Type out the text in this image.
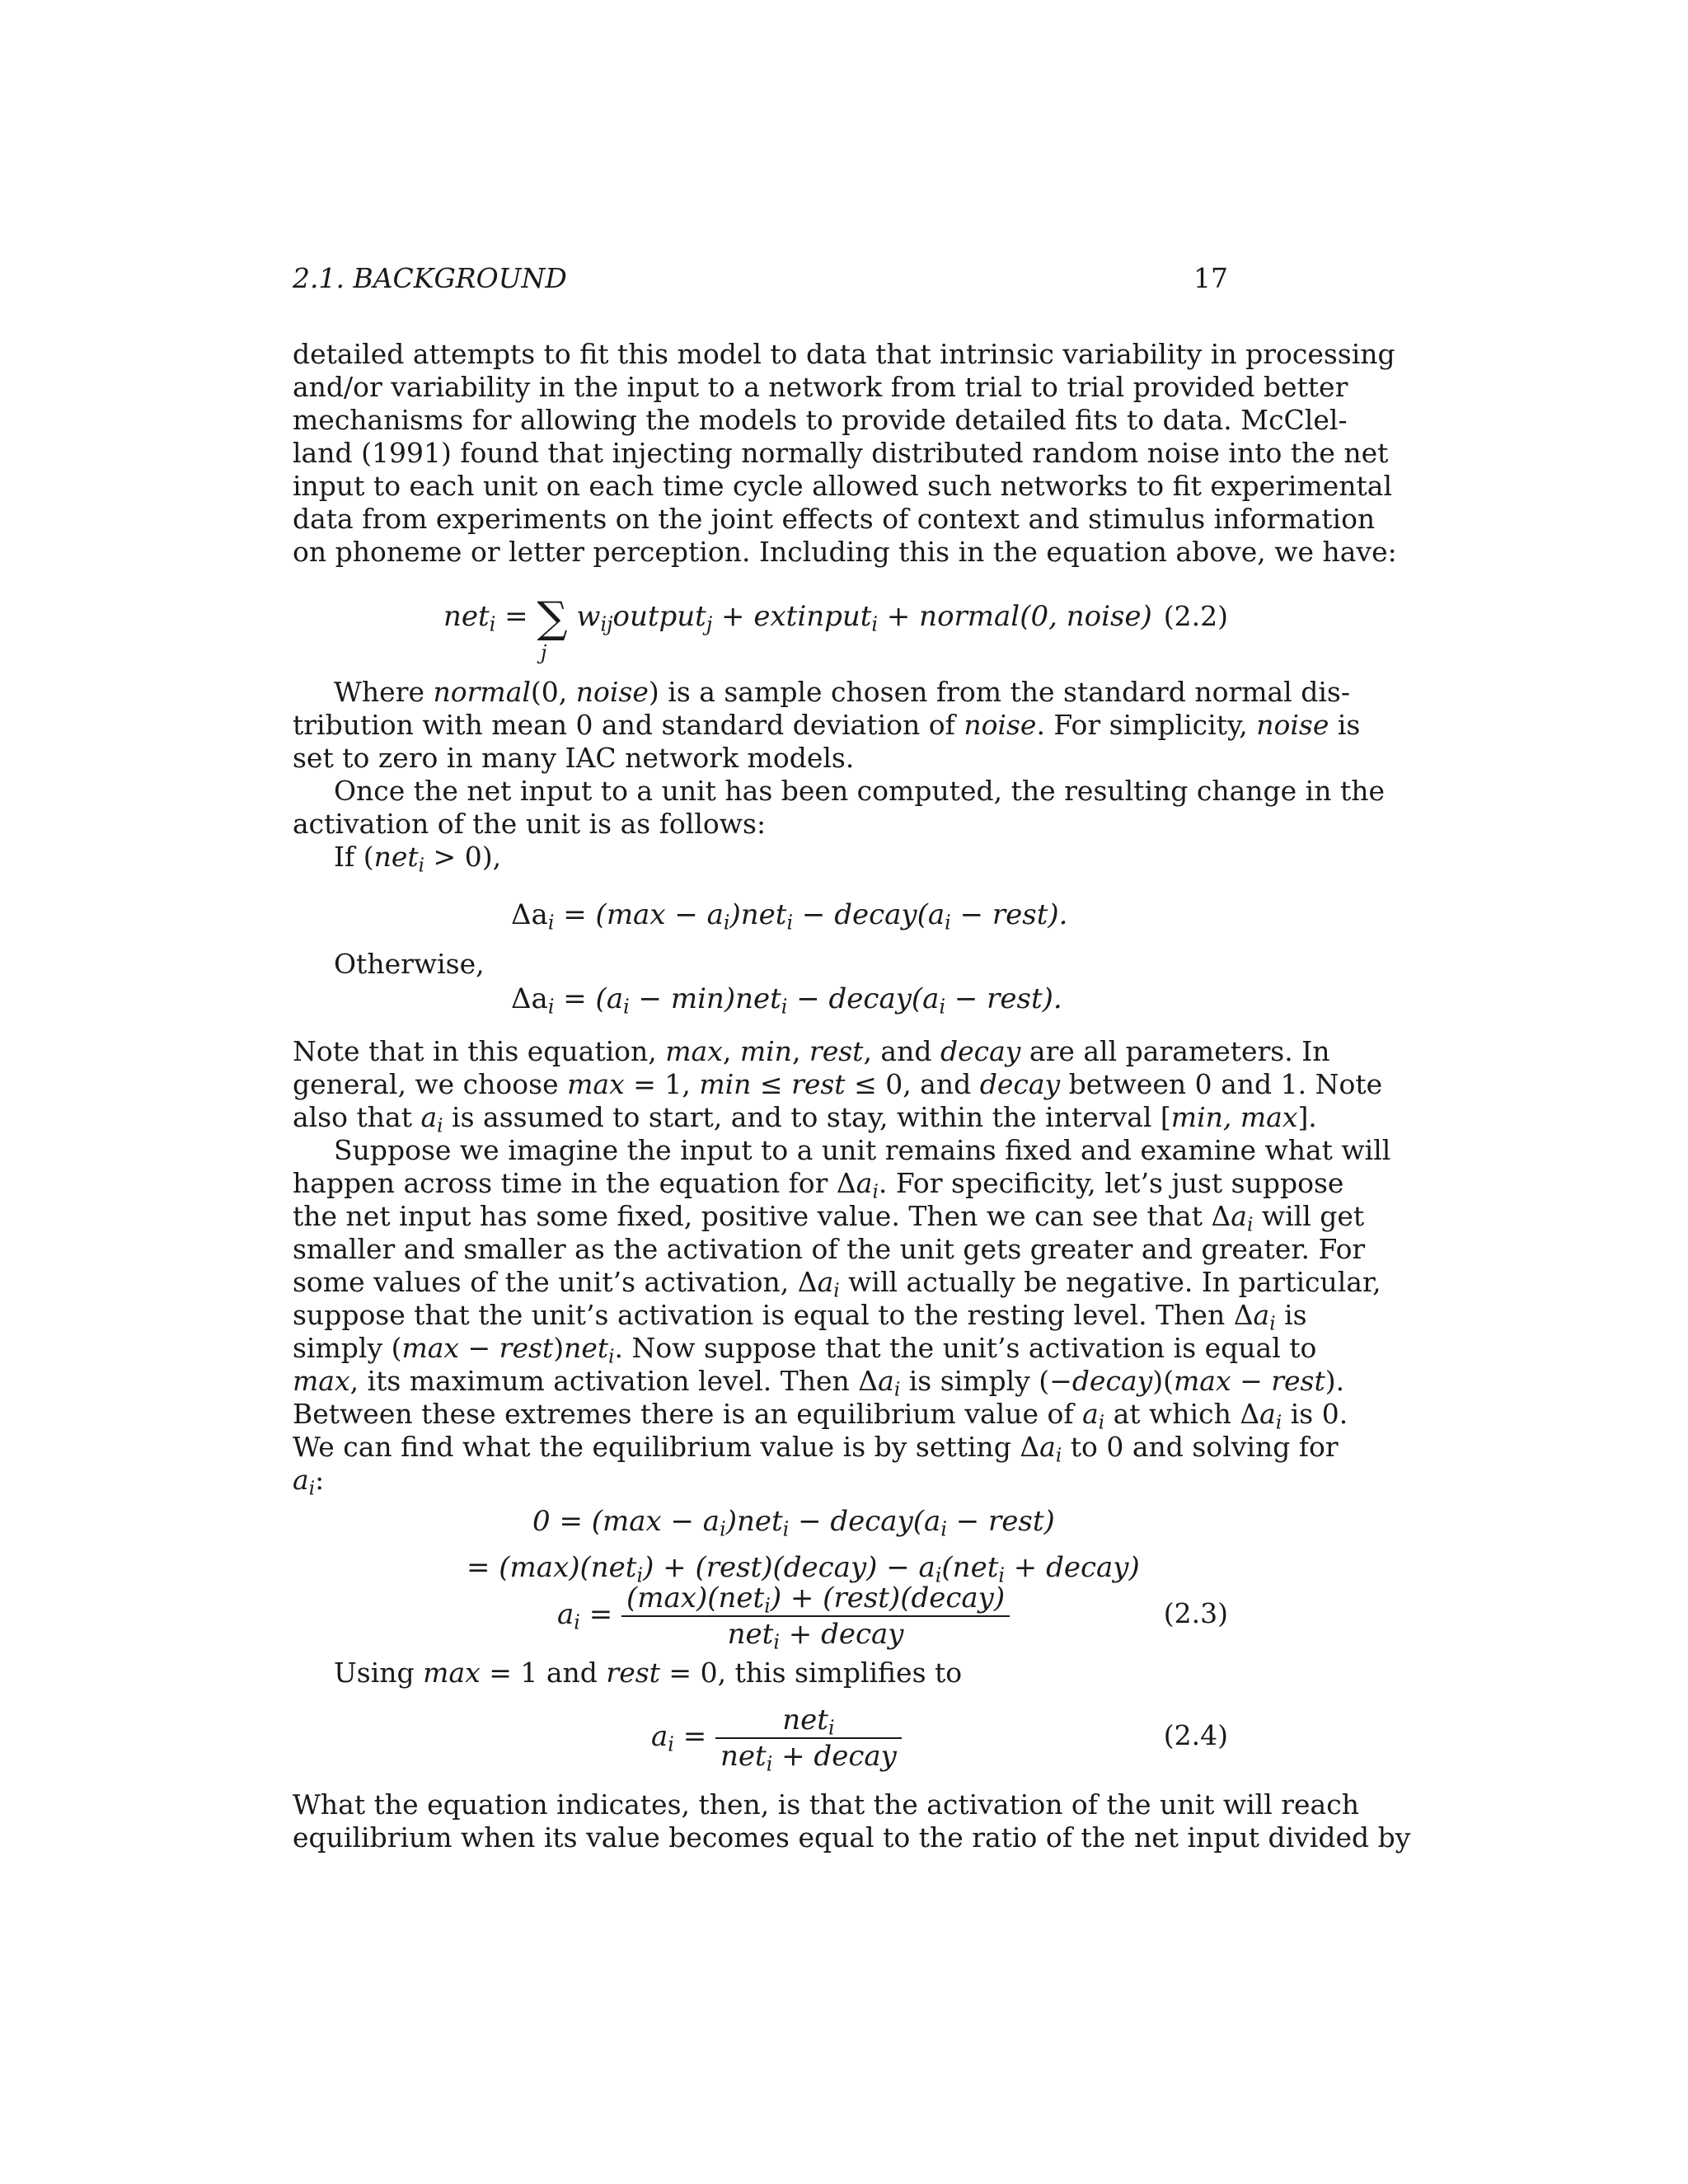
2.1. BACKGROUND	17
detailed attempts to fit this model to data that intrinsic variability in processing
and/or variability in the input to a network from trial to trial provided better
mechanisms for allowing the models to provide detailed fits to data. McClel-
land (1991) found that injecting normally distributed random noise into the net
input to each unit on each time cycle allowed such networks to fit experimental
data from experiments on the joint effects of context and stimulus information
on phoneme or letter perception. Including this in the equation above, we have:
net$_i$ = ∑ $w_{ij}output_j$ + extinput$_i$ + normal(0, noise)
j
(2.2)
Where normal(0, noise) is a sample chosen from the standard normal dis-
tribution with mean 0 and standard deviation of noise. For simplicity, noise is
set to zero in many IAC network models.
Once the net input to a unit has been computed, the resulting change in the
activation of the unit is as follows:
If (net$_i$ > 0),
$\Delta a_i = (\max - a_i)net_i$ − $decay(a_i$ − rest).
Otherwise,
$\Delta a_i = (a_i - \min)net_i$ − $decay(a_i$ − rest).
Note that in this equation, max, min, rest, and decay are all parameters. In
general, we choose max = 1, min ≤ rest ≤ 0, and decay between 0 and 1. Note
also that $a_i$ is assumed to start, and to stay, within the interval [min, max].
Suppose we imagine the input to a unit remains fixed and examine what will
happen across time in the equation for $\Delta a_i$. For specificity, let’s just suppose
the net input has some fixed, positive value. Then we can see that $\Delta a_i$ will get
smaller and smaller as the activation of the unit gets greater and greater. For
some values of the unit’s activation, $\Delta a_i$ will actually be negative. In particular,
suppose that the unit’s activation is equal to the resting level. Then $\Delta a_i$ is
simply (max − rest)net$_i$. Now suppose that the unit’s activation is equal to
max, its maximum activation level. Then $\Delta a_i$ is simply (−decay)(max − rest).
Between these extremes there is an equilibrium value of $a_i$ at which $\Delta a_i$ is 0.
We can find what the equilibrium value is by setting $\Delta a_i$ to 0 and solving for
$a_i$:
$0 = (\max - a_i)net_i$ − $decay(a_i$ − rest)
= (max)(net$_i$) + (rest)(decay) − $a_i(net_i$ + decay)
$a_i = \frac{(\max)(net_i) + (rest)(decay)}{net_i + decay}$	(2.3)
Using max = 1 and rest = 0, this simplifies to
$a_i = \frac{net_i}{net_i + decay}$	(2.4)
What the equation indicates, then, is that the activation of the unit will reach
equilibrium when its value becomes equal to the ratio of the net input divided by
